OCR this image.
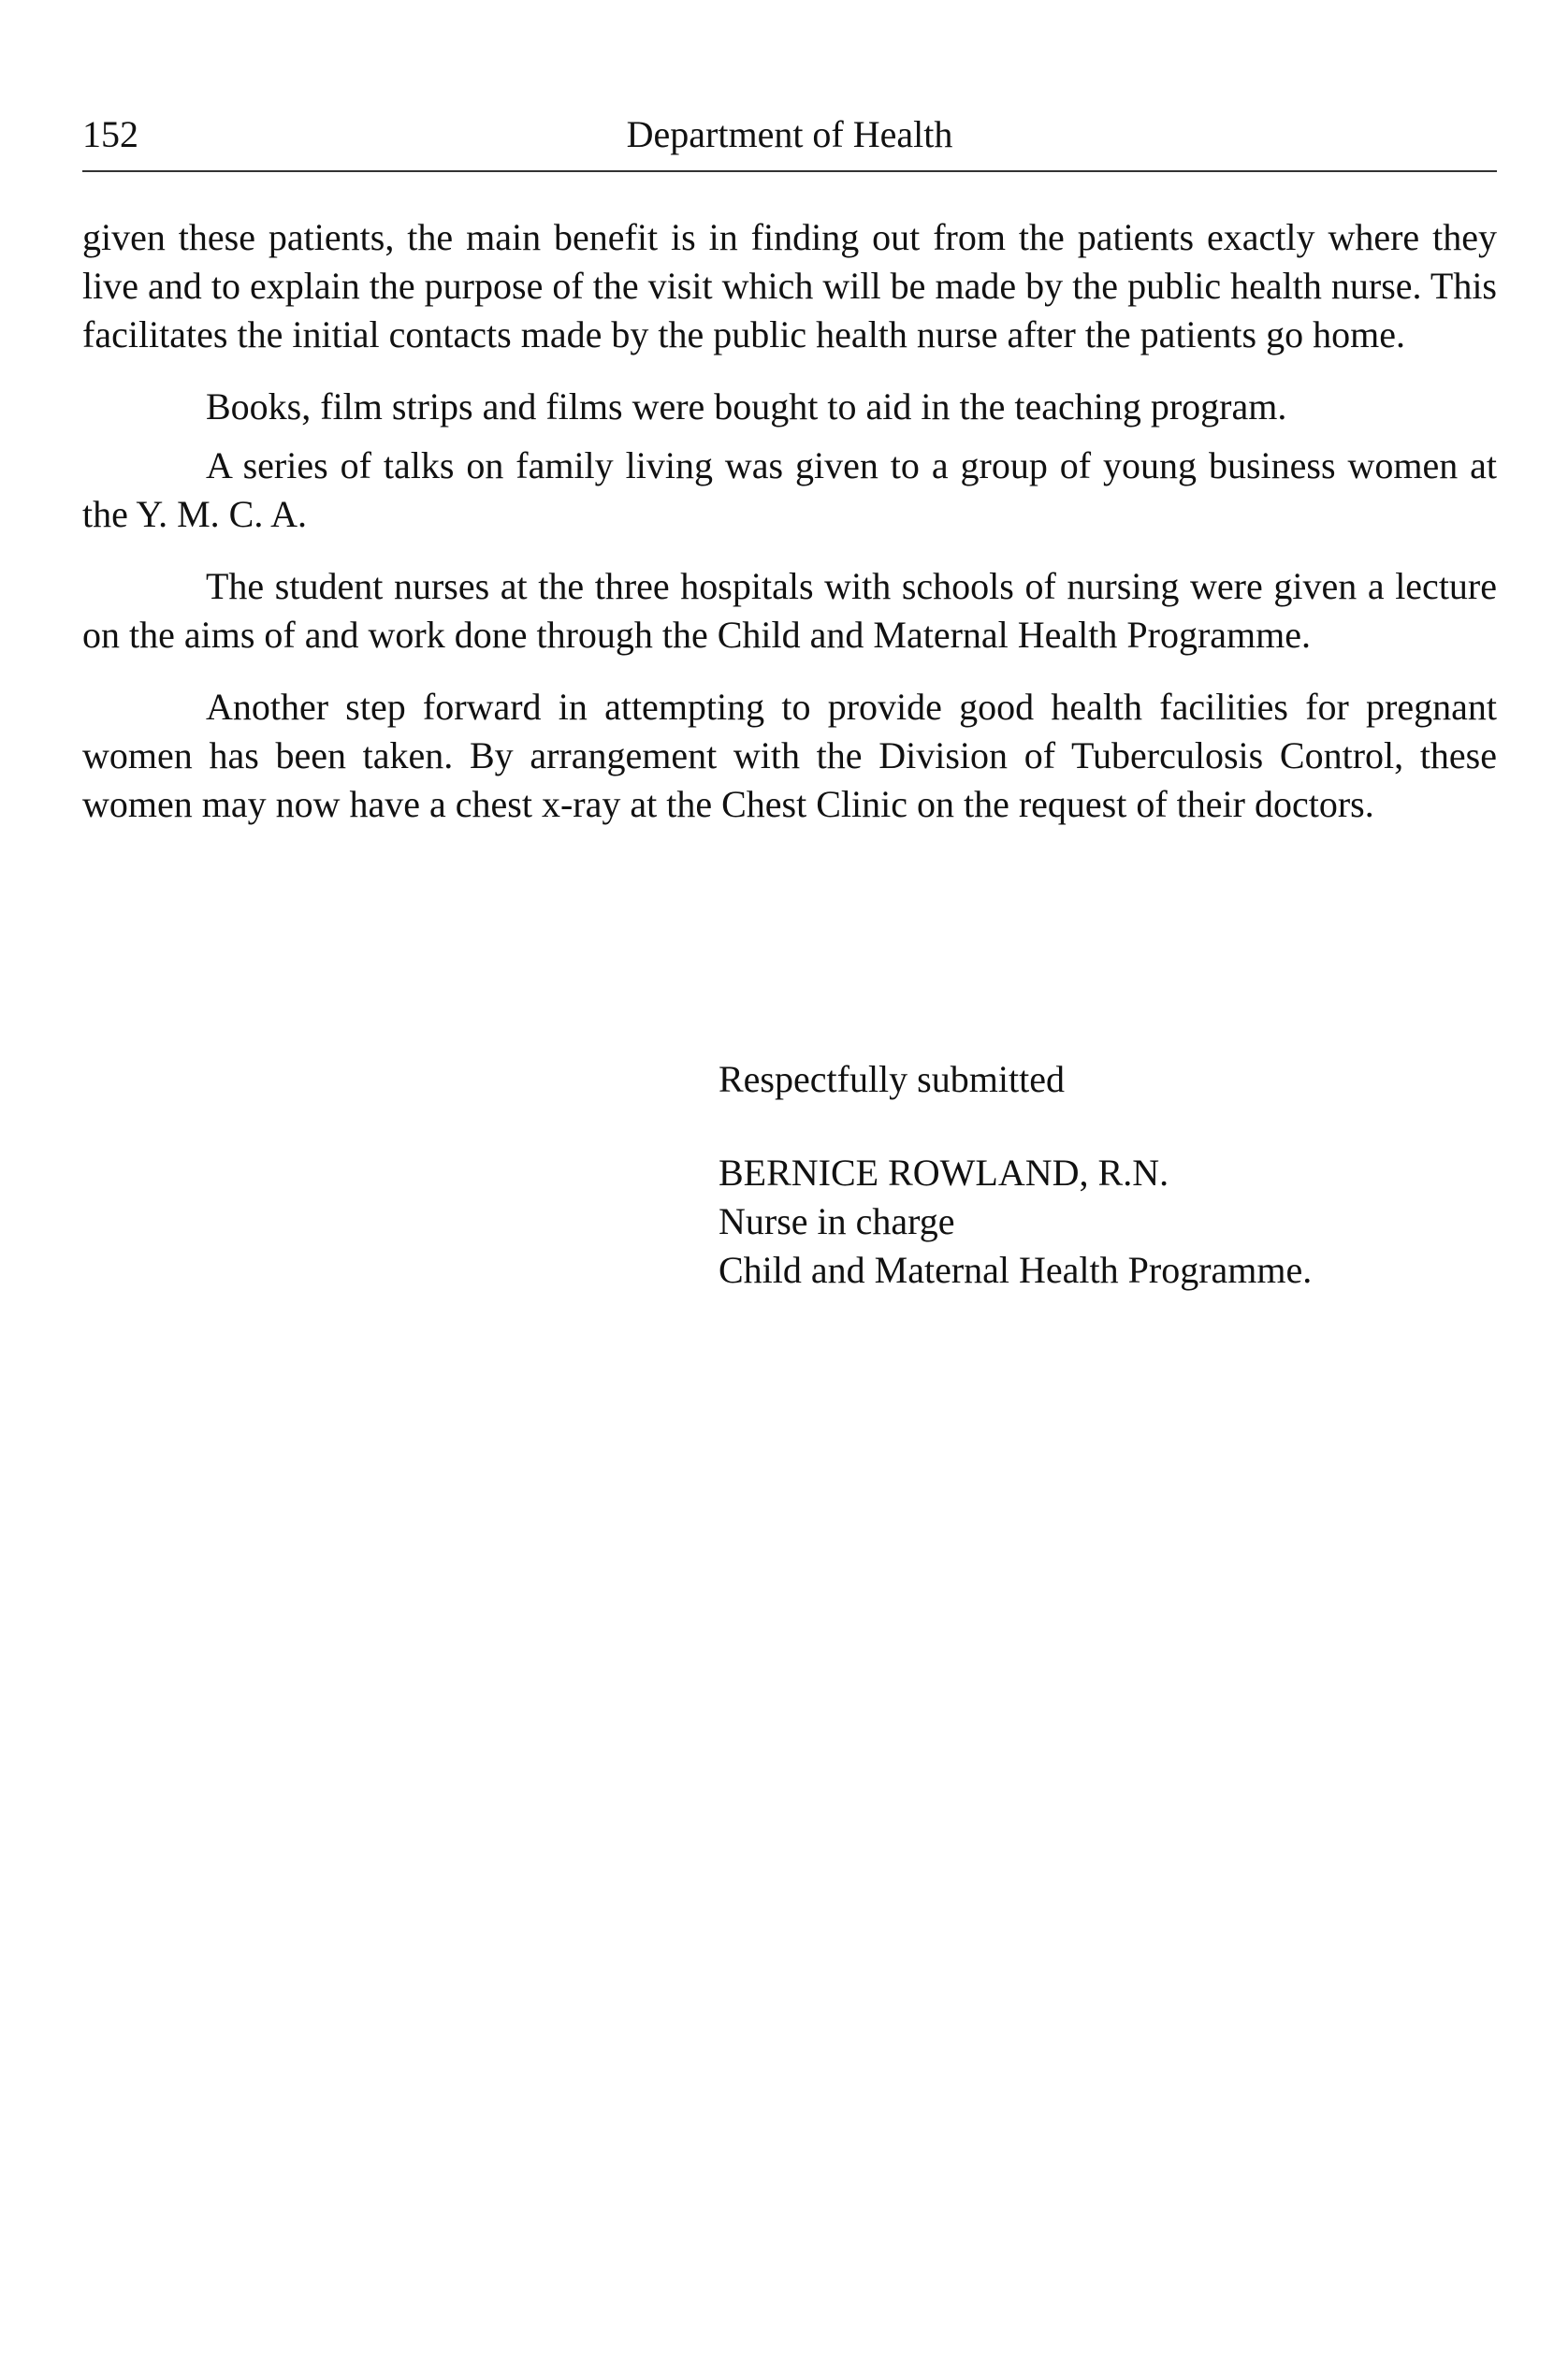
152	Department of Health

given these patients, the main benefit is in finding out from the patients exactly where they live and to explain the purpose of the visit which will be made by the public health nurse. This facilitates the initial contacts made by the public health nurse after the patients go home.

Books, film strips and films were bought to aid in the teaching program.

A series of talks on family living was given to a group of young business women at the Y. M. C. A.

The student nurses at the three hospitals with schools of nursing were given a lecture on the aims of and work done through the Child and Maternal Health Programme.

Another step forward in attempting to provide good health facilities for pregnant women has been taken. By arrangement with the Division of Tuberculosis Control, these women may now have a chest x-ray at the Chest Clinic on the request of their doctors.

Respectfully submitted

BERNICE ROWLAND, R.N.

Nurse in charge

Child and Maternal Health Programme.
